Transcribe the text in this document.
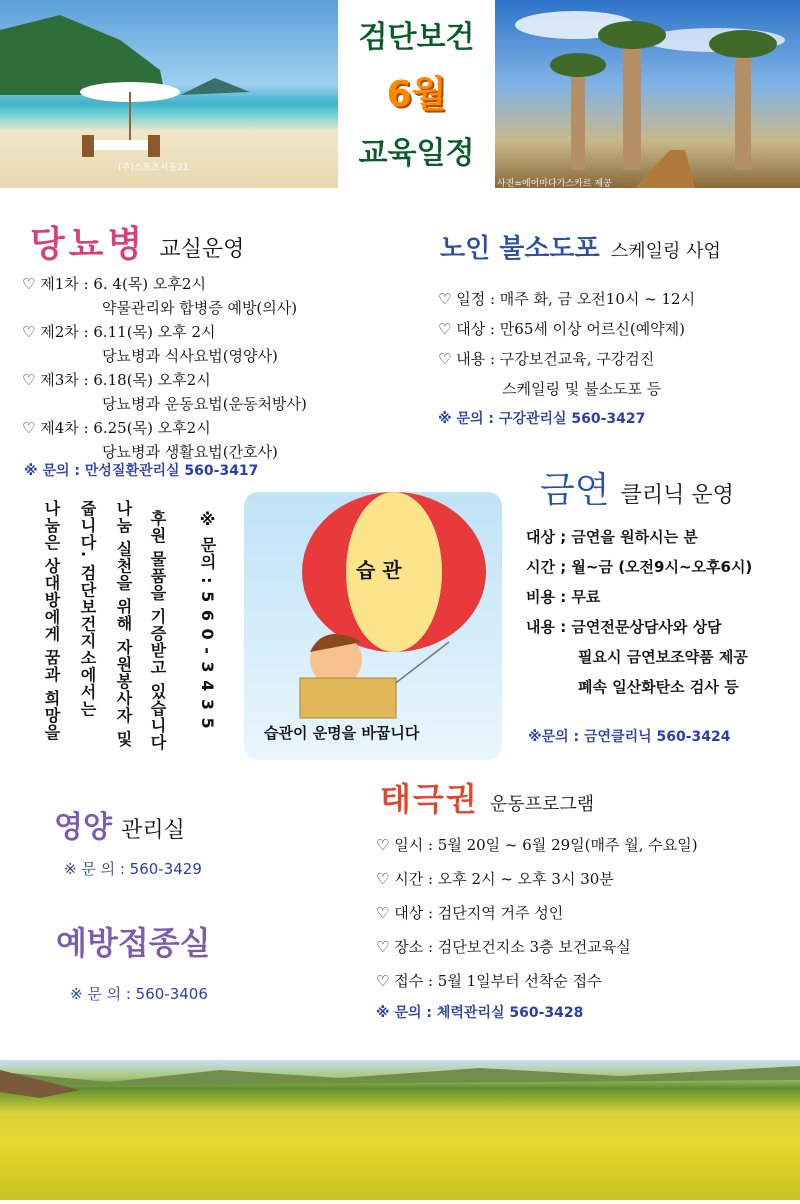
(주)스포츠서울21
검단보건
6월
교육일정
사진=에어마다가스카르 제공
당뇨병 교실운영
♡ 제1차 : 6. 4(목) 오후2시
약물관리와 합병증 예방(의사)
♡ 제2차 : 6.11(목) 오후 2시
당뇨병과 식사요법(영양사)
♡ 제3차 : 6.18(목) 오후2시
당뇨병과 운동요법(운동처방사)
♡ 제4차 : 6.25(목) 오후2시
당뇨병과 생활요법(간호사)
※ 문의 : 만성질환관리실 560-3417
노인 불소도포 스케일링 사업
♡ 일정 : 매주 화, 금 오전10시 ~ 12시
♡ 대상 : 만65세 이상 어르신(예약제)
♡ 내용 : 구강보건교육, 구강검진
스케일링 및 불소도포 등
※ 문의 : 구강관리실 560-3427
금연 클리닉 운영
대상 ; 금연을 원하시는 분
시간 ; 월~금 (오전9시~오후6시)
비용 : 무료
내용 : 금연전문상담사와 상담
필요시 금연보조약품 제공
폐속 일산화탄소 검사 등
※문의 : 금연클리닉 560-3424
나눔은 상대방에게 꿈과 희망을 줍니다. 검단보건지소에서는 나눔 실천을 위해 자원봉사자 및 후원 물품을 기증받고 있습니다 ※ 문의 : 5 6 0 - 3 4 3 5	습 관
습관이 운명을 바꿉니다
영양 관리실
※ 문 의 : 560-3429
예방접종실
※ 문 의 : 560-3406
태극권 운동프로그램
♡ 일시 : 5월 20일 ~ 6월 29일(매주 월, 수요일)
♡ 시간 : 오후 2시 ~ 오후 3시 30분
♡ 대상 : 검단지역 거주 성인
♡ 장소 : 검단보건지소 3층 보건교육실
♡ 접수 : 5월 1일부터 선착순 접수
※ 문의 : 체력관리실 560-3428
